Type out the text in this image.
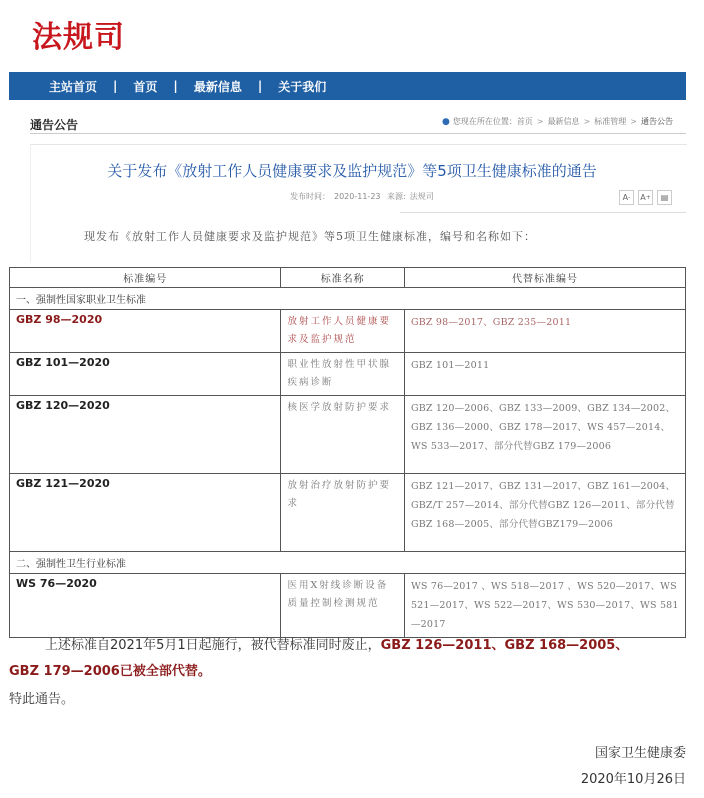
法规司
主站首页	|	首页	|	最新信息	|	关于我们
通告公告	● 您现在所在位置： 首页 > 最新信息 > 标准管理 > 通告公告
关于发布《放射工作人员健康要求及监护规范》等5项卫生健康标准的通告
发布时间： 2020-11-23 来源: 法规司	A - A +	▤
现发布《放射工作人员健康要求及监护规范》等5项卫生健康标准，编号和名称如下：
标准编号	标准名称	代替标准编号
一、强制性国家职业卫生标准		
GBZ 98—2020	放射工作人员健康要求及监护规范	GBZ 98—2017、GBZ 235—2011
GBZ 101—2020	职业性放射性甲状腺疾病诊断	GBZ 101—2011
GBZ 120—2020	核医学放射防护要求	GBZ 120—2006、GBZ 133—2009、GBZ 134—2002、GBZ 136—2000、GBZ 178—2017、WS 457—2014、WS 533—2017、部分代替GBZ 179—2006
GBZ 121—2020	放射治疗放射防护要求	GBZ 121—2017、GBZ 131—2017、GBZ 161—2004、GBZ/T 257—2014、部分代替GBZ 126—2011、部分代替GBZ 168—2005、部分代替GBZ179—2006
二、强制性卫生行业标准		
WS 76—2020	医用X射线诊断设备质量控制检测规范	WS 76—2017 、WS 518—2017 、WS 520—2017、WS 521—2017、WS 522—2017、WS 530—2017、WS 581—2017
上述标准自2021年5月1日起施行，被代替标准同时废止，GBZ 126—2011、GBZ 168—2005、
GBZ 179—2006已被全部代替。
特此通告。
国家卫生健康委
2020年10月26日
